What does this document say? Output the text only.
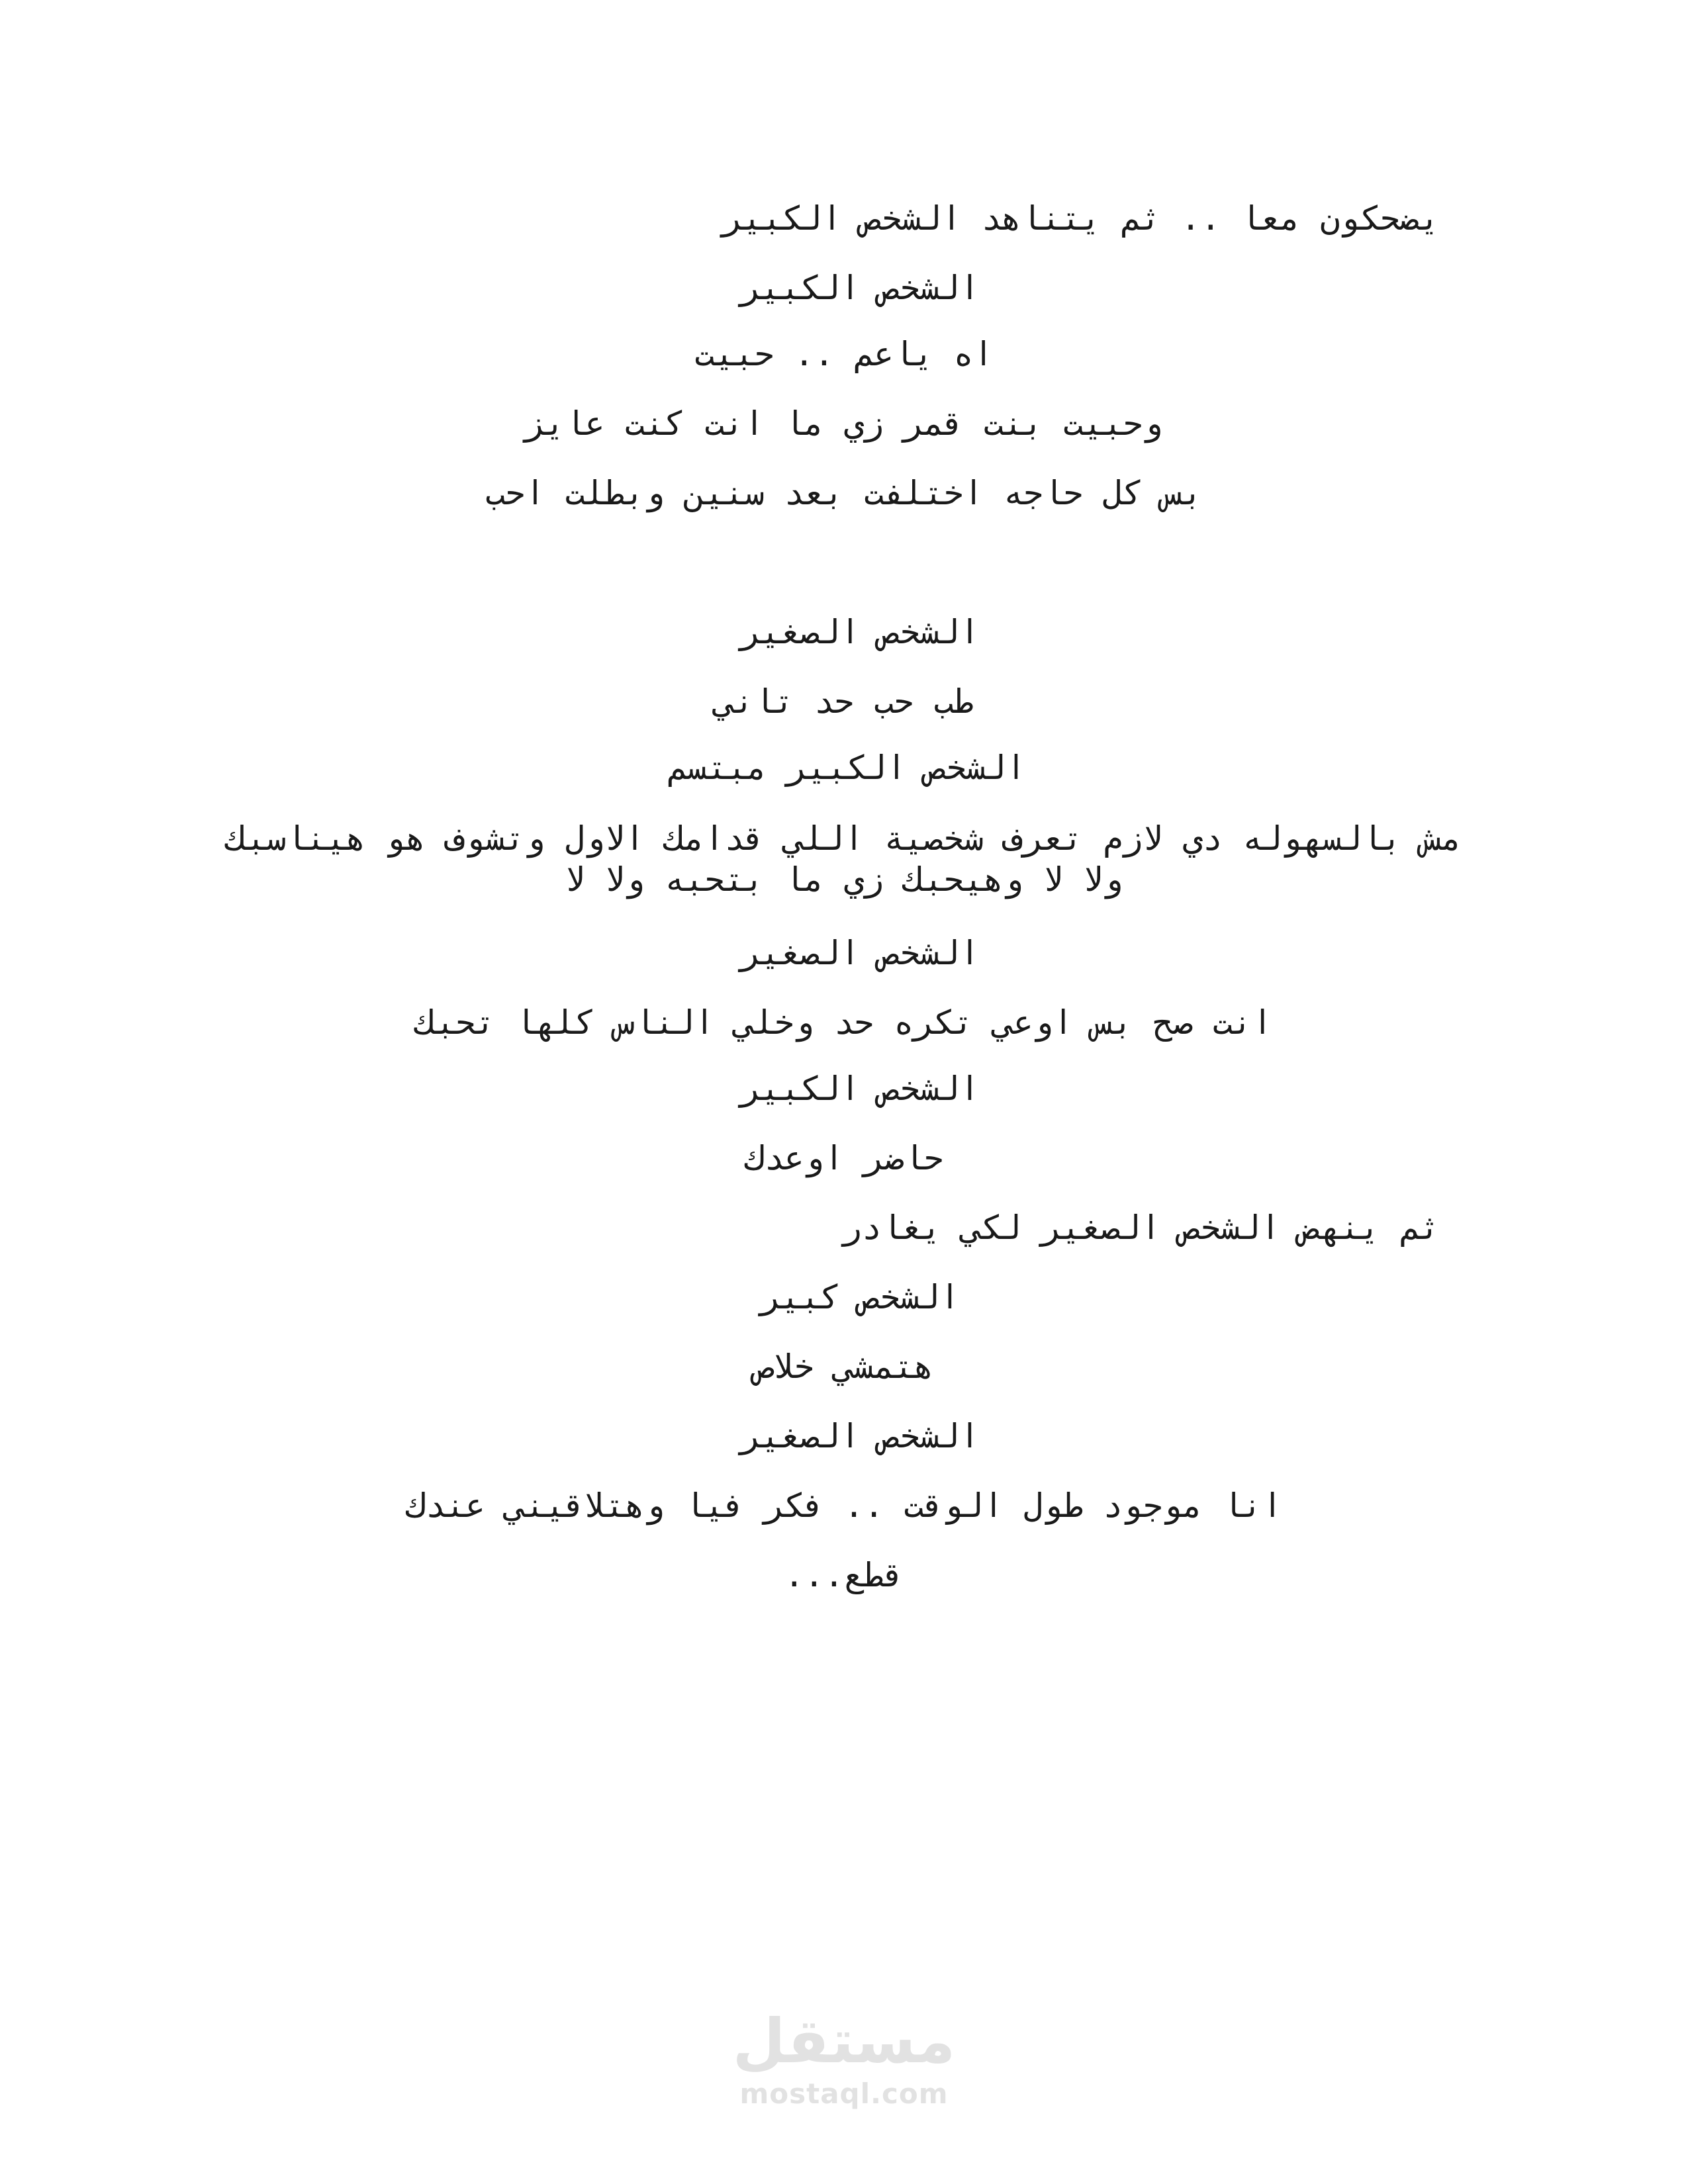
يضحكون معا .. ثم يتناهد الشخص الكبير
الشخص الكبير
اه ياعم .. حبيت
وحبيت بنت قمر زي ما انت كنت عايز
بس كل حاجه اختلفت بعد سنين وبطلت احب
الشخص الصغير
طب حب حد تاني
الشخص الكبير مبتسم
مش بالسهوله دي لازم تعرف شخصية اللي قدامك الاول وتشوف هو هيناسبك ولا لا وهيحبك زي ما بتحبه ولا لا
الشخص الصغير
انت صح بس اوعي تكره حد وخلي الناس كلها تحبك
الشخص الكبير
حاضر اوعدك
ثم ينهض الشخص الصغير لكي يغادر
الشخص كبير
هتمشي خلاص
الشخص الصغير
انا موجود طول الوقت .. فكر فيا وهتلاقيني عندك
قطع...
مستقل
mostaql.com
